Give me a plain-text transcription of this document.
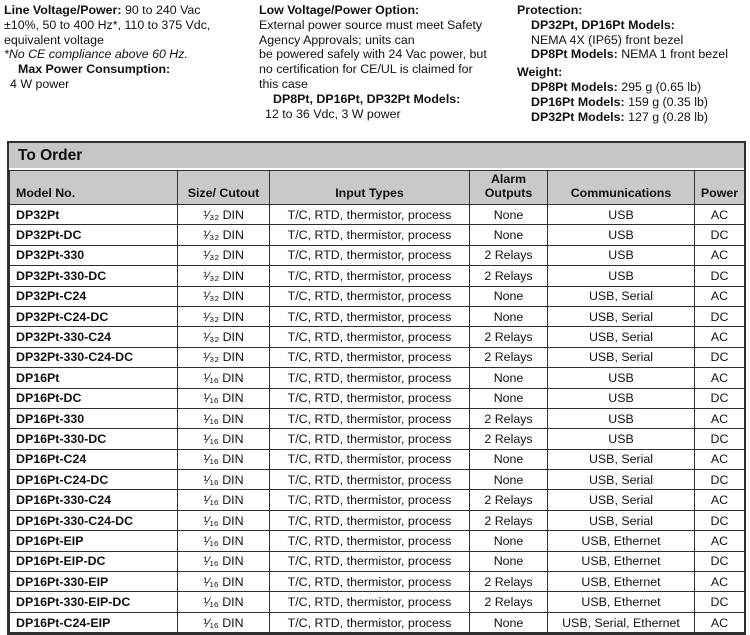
Line Voltage/Power: 90 to 240 Vac
±10%, 50 to 400 Hz*, 110 to 375 Vdc,
equivalent voltage
*No CE compliance above 60 Hz.
Max Power Consumption:
4 W power
Low Voltage/Power Option:
External power source must meet Safety
Agency Approvals; units can
be powered safely with 24 Vac power, but
no certification for CE/UL is claimed for
this case
DP8Pt, DP16Pt, DP32Pt Models:
12 to 36 Vdc, 3 W power
Protection:
DP32Pt, DP16Pt Models:
NEMA 4X (IP65) front bezel
DP8Pt Models: NEMA 1 front bezel
Weight:
DP8Pt Models: 295 g (0.65 lb)
DP16Pt Models: 159 g (0.35 lb)
DP32Pt Models: 127 g (0.28 lb)
To Order
Model No.	Size/ Cutout	Input Types	Alarm Outputs	Communications	Power
DP32Pt	¹⁄₃₂ DIN	T/C, RTD, thermistor, process	None	USB	AC
DP32Pt-DC	¹⁄₃₂ DIN	T/C, RTD, thermistor, process	None	USB	DC
DP32Pt-330	¹⁄₃₂ DIN	T/C, RTD, thermistor, process	2 Relays	USB	AC
DP32Pt-330-DC	¹⁄₃₂ DIN	T/C, RTD, thermistor, process	2 Relays	USB	DC
DP32Pt-C24	¹⁄₃₂ DIN	T/C, RTD, thermistor, process	None	USB, Serial	AC
DP32Pt-C24-DC	¹⁄₃₂ DIN	T/C, RTD, thermistor, process	None	USB, Serial	DC
DP32Pt-330-C24	¹⁄₃₂ DIN	T/C, RTD, thermistor, process	2 Relays	USB, Serial	AC
DP32Pt-330-C24-DC	¹⁄₃₂ DIN	T/C, RTD, thermistor, process	2 Relays	USB, Serial	DC
DP16Pt	¹⁄₁₆ DIN	T/C, RTD, thermistor, process	None	USB	AC
DP16Pt-DC	¹⁄₁₆ DIN	T/C, RTD, thermistor, process	None	USB	DC
DP16Pt-330	¹⁄₁₆ DIN	T/C, RTD, thermistor, process	2 Relays	USB	AC
DP16Pt-330-DC	¹⁄₁₆ DIN	T/C, RTD, thermistor, process	2 Relays	USB	DC
DP16Pt-C24	¹⁄₁₆ DIN	T/C, RTD, thermistor, process	None	USB, Serial	AC
DP16Pt-C24-DC	¹⁄₁₆ DIN	T/C, RTD, thermistor, process	None	USB, Serial	DC
DP16Pt-330-C24	¹⁄₁₆ DIN	T/C, RTD, thermistor, process	2 Relays	USB, Serial	AC
DP16Pt-330-C24-DC	¹⁄₁₆ DIN	T/C, RTD, thermistor, process	2 Relays	USB, Serial	DC
DP16Pt-EIP	¹⁄₁₆ DIN	T/C, RTD, thermistor, process	None	USB, Ethernet	AC
DP16Pt-EIP-DC	¹⁄₁₆ DIN	T/C, RTD, thermistor, process	None	USB, Ethernet	DC
DP16Pt-330-EIP	¹⁄₁₆ DIN	T/C, RTD, thermistor, process	2 Relays	USB, Ethernet	AC
DP16Pt-330-EIP-DC	¹⁄₁₆ DIN	T/C, RTD, thermistor, process	2 Relays	USB, Ethernet	DC
DP16Pt-C24-EIP	¹⁄₁₆ DIN	T/C, RTD, thermistor, process	None	USB, Serial, Ethernet	AC
